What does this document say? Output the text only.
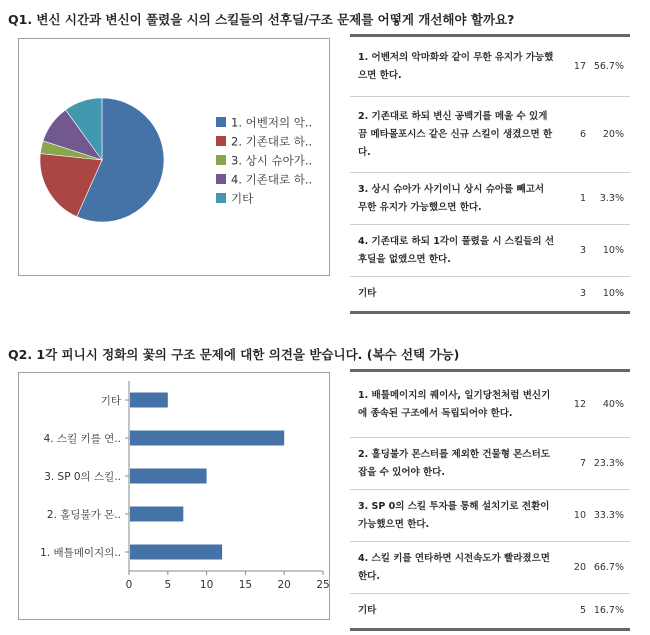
Q1. 변신 시간과 변신이 풀렸을 시의 스킬들의 선후딜/구조 문제를 어떻게 개선해야 할까요?
1. 어벤저의 악..
2. 기존대로 하..
3. 상시 슈아가..
4. 기존대로 하..
기타
1. 어벤저의 악마화와 같이 무한 유지가 가능했으면 한다.
17 56.7%
2. 기존대로 하되 변신 공백기를 메울 수 있게끔 메타몰포시스 같은 신규 스킬이 생겼으면 한다.
6	20%
3. 상시 슈아가 사기이니 상시 슈아를 빼고서 무한 유지가 가능했으면 한다.
1	3.3%
4. 기존대로 하되 1각이 풀렸을 시 스킬들의 선후딜을 없앴으면 한다.
3	10%
기타	3	10%
Q2. 1각 피니시 정화의 꽃의 구조 문제에 대한 의견을 받습니다. (복수 선택 가능)
기타
4. 스킬 키를 연..
3. SP 0의 스킬..
2. 홀딩불가 몬..
1. 배틀메이지의..
0	5	10 15 20 25
1. 배틀메이지의 퀘이사, 일기당천처럼 변신기에 종속된 구조에서 독립되어야 한다.
12	40%
2. 홀딩불가 몬스터를 제외한 건물형 몬스터도 잡을 수 있어야 한다.
7 23.3%
3. SP 0의 스킬 투자를 통해 설치기로 전환이 가능했으면 한다.
10 33.3%
4. 스킬 키를 연타하면 시전속도가 빨라졌으면 한다.
20 66.7%
기타	5 16.7%
